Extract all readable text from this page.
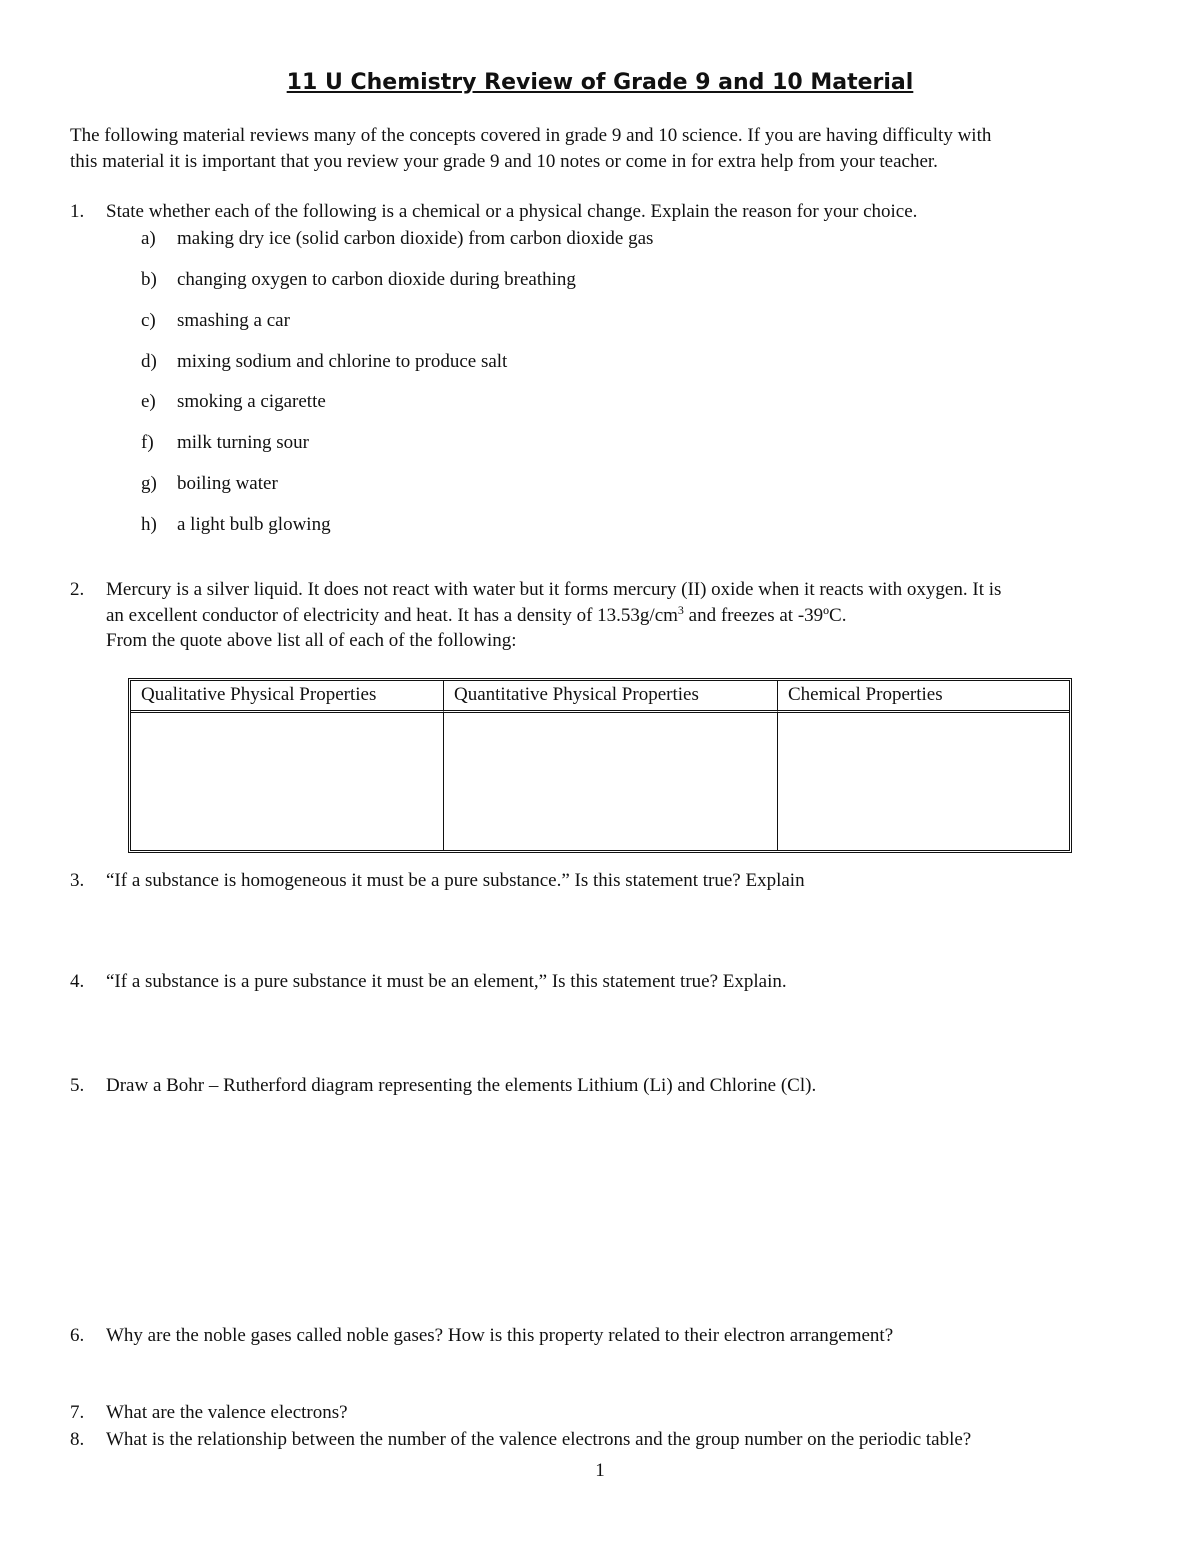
11 U Chemistry Review of Grade 9 and 10 Material
The following material reviews many of the concepts covered in grade 9 and 10 science. If you are having difficulty with
this material it is important that you review your grade 9 and 10 notes or come in for extra help from your teacher.
1. State whether each of the following is a chemical or a physical change. Explain the reason for your choice.
a) making dry ice (solid carbon dioxide) from carbon dioxide gas
b) changing oxygen to carbon dioxide during breathing
c) smashing a car
d) mixing sodium and chlorine to produce salt
e) smoking a cigarette
f) milk turning sour
g) boiling water
h) a light bulb glowing
2. Mercury is a silver liquid. It does not react with water but it forms mercury (II) oxide when it reacts with oxygen. It is
an excellent conductor of electricity and heat. It has a density of $13.53g/cm^3$ and freezes at -39ºC.
From the quote above list all of each of the following:
Qualitative Physical Properties	Quantitative Physical Properties	Chemical Properties

3. “If a substance is homogeneous it must be a pure substance.” Is this statement true? Explain
4. “If a substance is a pure substance it must be an element,” Is this statement true? Explain.
5. Draw a Bohr – Rutherford diagram representing the elements Lithium (Li) and Chlorine (Cl).
6. Why are the noble gases called noble gases? How is this property related to their electron arrangement?
7. What are the valence electrons?
8. What is the relationship between the number of the valence electrons and the group number on the periodic table?
1
